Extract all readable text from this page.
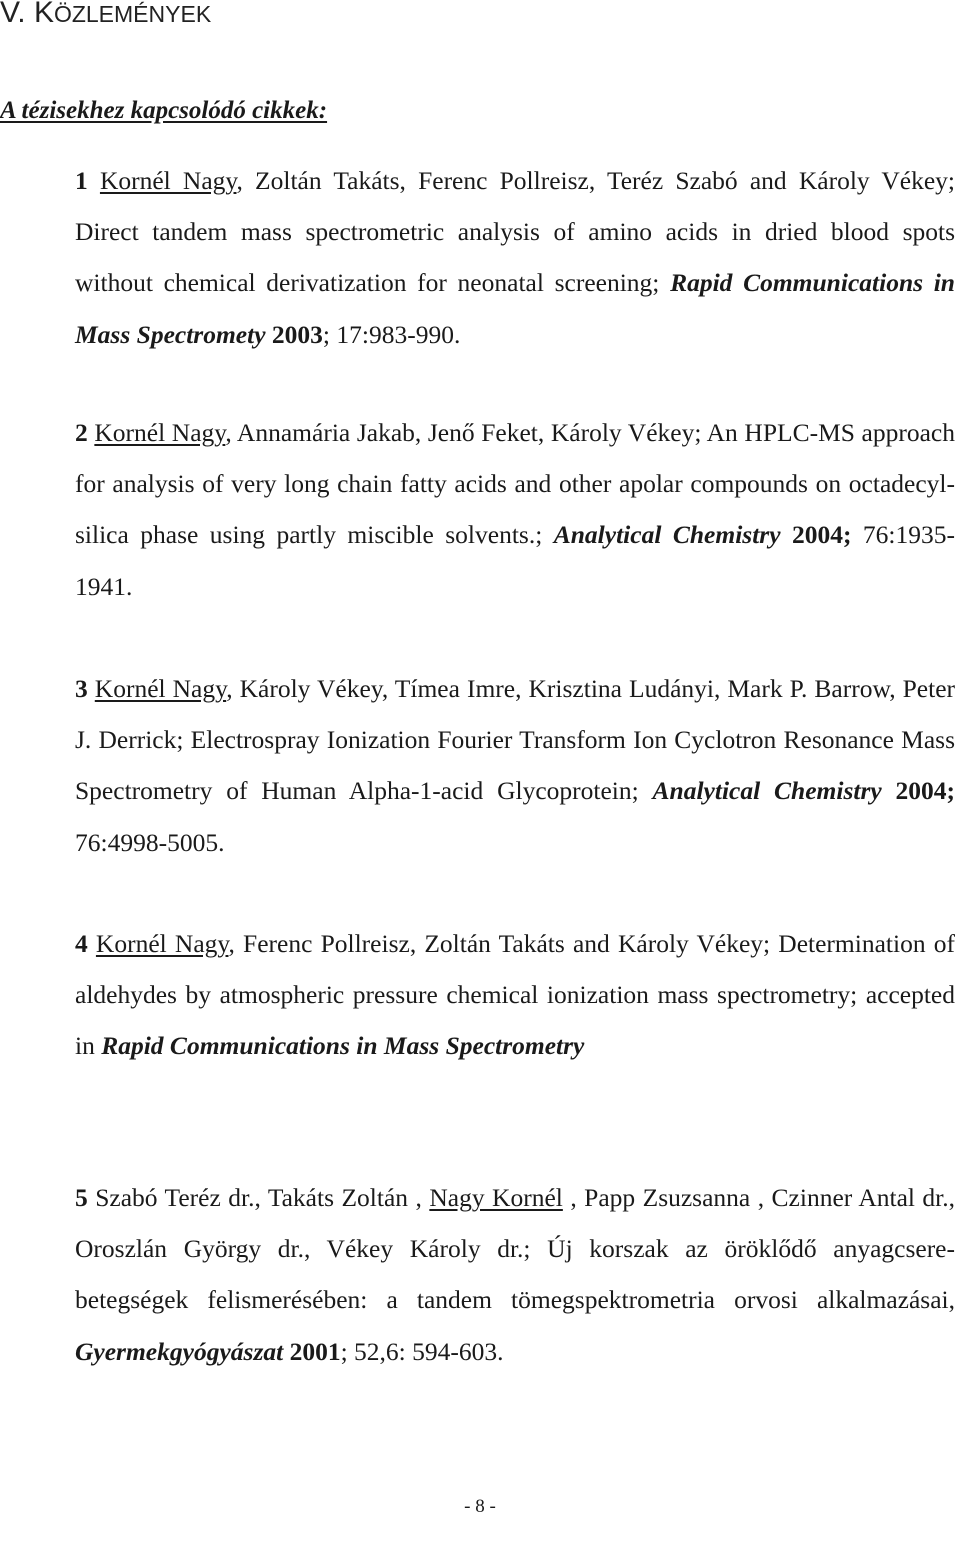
V. KÖZLEMÉNYEK
A tézisekhez kapcsolódó cikkek:

1 Kornél Nagy, Zoltán Takáts, Ferenc Pollreisz, Teréz Szabó and Károly Vékey; Direct tandem mass spectrometric analysis of amino acids in dried blood spots without chemical derivatization for neonatal screening; Rapid Communications in Mass Spectromety 2003; 17:983-990.

2 Kornél Nagy, Annamária Jakab, Jenő Feket, Károly Vékey; An HPLC-MS approach for analysis of very long chain fatty acids and other apolar compounds on octadecyl-silica phase using partly miscible solvents.; Analytical Chemistry 2004; 76:1935-1941.

3 Kornél Nagy, Károly Vékey, Tímea Imre, Krisztina Ludányi, Mark P. Barrow, Peter J. Derrick; Electrospray Ionization Fourier Transform Ion Cyclotron Resonance Mass Spectrometry of Human Alpha-1-acid Glycoprotein; Analytical Chemistry 2004; 76:4998-5005.

4 Kornél Nagy, Ferenc Pollreisz, Zoltán Takáts and Károly Vékey; Determination of aldehydes by atmospheric pressure chemical ionization mass spectrometry; accepted in Rapid Communications in Mass Spectrometry

5 Szabó Teréz dr., Takáts Zoltán , Nagy Kornél , Papp Zsuzsanna , Czinner Antal dr., Oroszlán György dr., Vékey Károly dr.; Új korszak az öröklődő anyagcsere-betegségek felismerésében: a tandem tömegspektrometria orvosi alkalmazásai, Gyermekgyógyászat 2001; 52,6: 594-603.

- 8 -
